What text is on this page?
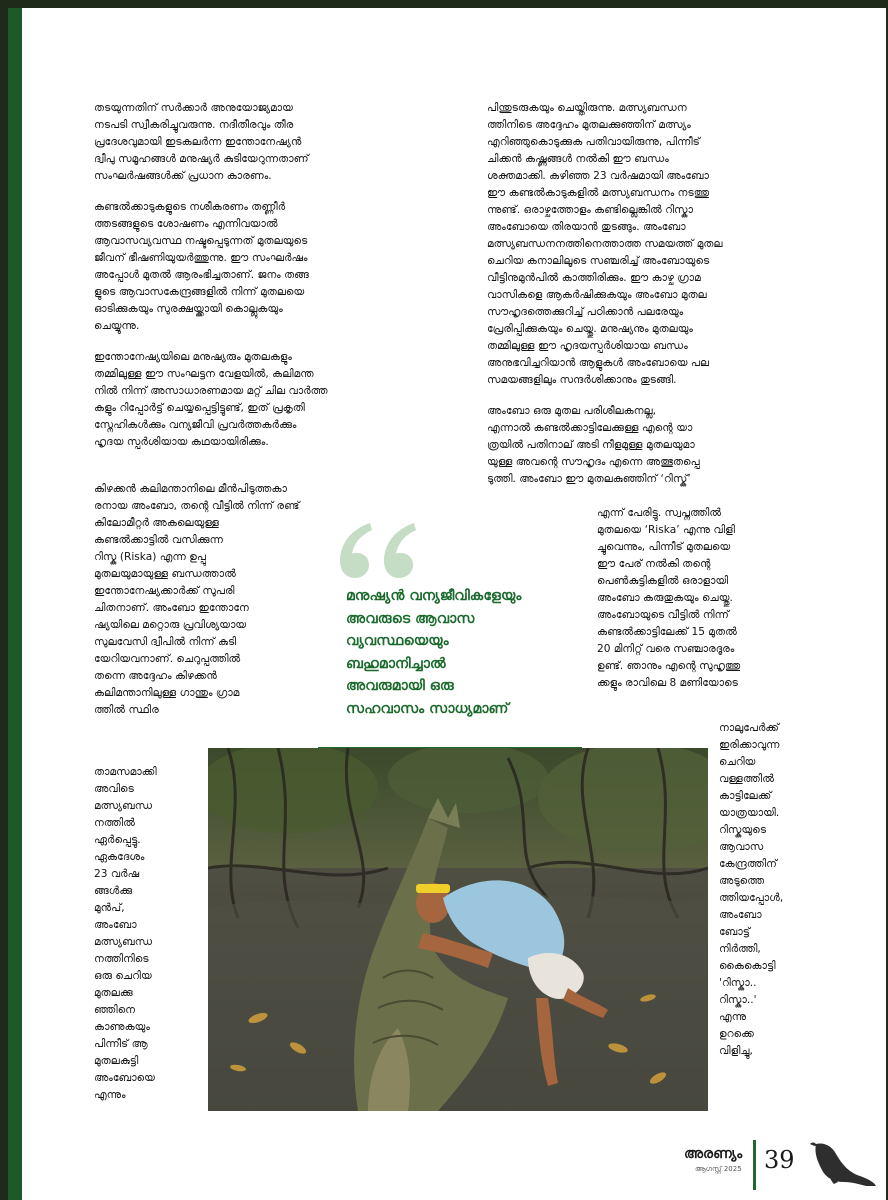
തടയുന്നതിന് സർക്കാർ അനുയോജ്യമായ
നടപടി സ്വീകരിച്ചുവരുന്നു. നദീതീരവും തീര
പ്രദേശവുമായി ഇടകലർന്ന ഇന്തോനേഷ്യൻ
ദ്വീപു സമൂഹങ്ങൾ മനുഷ്യർ കുടിയേറുന്നതാണ്
സംഘർഷങ്ങൾക്ക് പ്രധാന കാരണം.

കണ്ടൽക്കാടുകളുടെ നശീകരണം തണ്ണീർ
ത്തടങ്ങളുടെ ശോഷണം എന്നിവയാൽ
ആവാസവ്യവസ്ഥ നഷ്ടപ്പെടുന്നത് മുതലയുടെ
ജീവന് ഭീഷണിയുയർത്തുന്നു. ഈ സംഘർഷം
അപ്പോൾ മുതൽ ആരംഭിച്ചതാണ്. ജനം തങ്ങ
ളുടെ ആവാസകേന്ദ്രങ്ങളിൽ നിന്ന് മുതലയെ
ഓടിക്കുകയും സുരക്ഷയ്ക്കായി കൊല്ലുകയും
ചെയ്യുന്നു.

ഇന്തോനേഷ്യയിലെ മനുഷ്യരും മുതലകളും
തമ്മിലുള്ള ഈ സംഘട്ടന വേളയിൽ, കലിമന്ത
നിൽ നിന്ന് അസാധാരണമായ മറ്റ് ചില വാർത്ത
കളും റിപ്പോർട്ട് ചെയ്യപ്പെട്ടിട്ടുണ്ട്, ഇത് പ്രകൃതി
സ്നേഹികൾക്കും വന്യജീവി പ്രവർത്തകർക്കും
ഹൃദയ സ്പർശിയായ കഥയായിരിക്കും.

കിഴക്കൻ കലിമന്താനിലെ മീൻപിടുത്തകാ
രനായ അംബോ, തന്റെ വീട്ടിൽ നിന്ന് രണ്ട്
കിലോമീറ്റർ അകലെയുള്ള
കണ്ടൽക്കാട്ടിൽ വസിക്കുന്ന
റിസ്ക (Riska) എന്ന ഉപ്പു
മുതലയുമായുള്ള ബന്ധത്താൽ
ഇന്തോനേഷ്യക്കാർക്ക് സുപരി
ചിതനാണ്. അംബോ ഇന്തോനേ
ഷ്യയിലെ മറ്റൊരു പ്രവിശ്യയായ
സുലവേസി ദ്വീപിൽ നിന്ന് കുടി
യേറിയവനാണ്. ചെറുപ്പത്തിൽ
തന്നെ അദ്ദേഹം കിഴക്കൻ
കലിമന്താനിലുള്ള ഗാന്തും ഗ്രാമ
ത്തിൽ സ്ഥിര

താമസമാക്കി
അവിടെ
മത്സ്യബന്ധ
നത്തിൽ
ഏർപ്പെട്ടു.
ഏകദേശം
23 വർഷ
ങ്ങൾക്കു
മുൻപ്,
അംബോ
മത്സ്യബന്ധ
നത്തിനിടെ
ഒരു ചെറിയ
മുതലക്കു
ഞ്ഞിനെ
കാണുകയും
പിന്നീട് ആ
മുതലകുട്ടി
അംബോയെ
എന്നും

പിന്തുടരുകയും ചെയ്തിരുന്നു. മത്സ്യബന്ധന
ത്തിനിടെ അദ്ദേഹം മുതലക്കുഞ്ഞിന് മത്സ്യം
എറിഞ്ഞുകൊടുക്കുക പതിവായിരുന്നു, പിന്നീട്
ചിക്കൻ കഷ്ണങ്ങൾ നൽകി ഈ ബന്ധം
ശക്തമാക്കി. കഴിഞ്ഞ 23 വർഷമായി അംബോ
ഈ കണ്ടൽകാടുകളിൽ മത്സ്യബന്ധനം നടത്തു
ന്നുണ്ട്. ഒരാഴ്ചത്തോളം കണ്ടില്ലെങ്കിൽ റിസ്കാ
അംബോയെ തിരയാൻ തുടങ്ങും. അംബോ
മത്സ്യബന്ധനനത്തിനെത്താത്ത സമയത്ത് മുതല
ചെറിയ കനാലിലൂടെ സഞ്ചരിച്ച് അംബോയുടെ
വീട്ടിനുമുൻപിൽ കാത്തിരിക്കും. ഈ കാഴ്ച ഗ്രാമ
വാസികളെ ആകർഷിക്കുകയും അംബോ മുതല
സൗഹൃദത്തെക്കുറിച്ച് പഠിക്കാൻ പലരേയും
പ്രേരിപ്പിക്കുകയും ചെയ്തു. മനുഷ്യനും മുതലയും
തമ്മിലുള്ള ഈ ഹൃദയസ്പർശിയായ ബന്ധം
അനുഭവിച്ചറിയാൻ ആളുകൾ അംബോയെ പല
സമയങ്ങളിലും സന്ദർശിക്കാനും തുടങ്ങി.

അംബോ ഒരു മുതല പരിശീലകനല്ല,
എന്നാൽ കണ്ടൽക്കാട്ടിലേക്കുള്ള എന്റെ യാ
ത്രയിൽ പതിനാല് അടി നീളമുള്ള മുതലയുമാ
യുള്ള അവന്റെ സൗഹൃദം എന്നെ അത്ഭുതപ്പെ
ടുത്തി. അംബോ ഈ മുതലകുഞ്ഞിന് ‘റിസ്ക്’

എന്ന് പേരിട്ടു. സ്വപ്നത്തിൽ
മുതലയെ ‘Riska’ എന്നു വിളി
ച്ചുവെന്നും, പിന്നീട് മുതലയെ
ഈ പേര് നൽകി തന്റെ
പെൺകുട്ടികളിൽ ഒരാളായി
അംബോ കരുതുകയും ചെയ്തു.
അംബോയുടെ വീട്ടിൽ നിന്ന്
കണ്ടൽക്കാട്ടിലേക്ക് 15 മുതൽ
20 മിനിറ്റ് വരെ സഞ്ചാരദൂരം
ഉണ്ട്. ഞാനും എന്റെ സുഹൃത്തു
ക്കളും രാവിലെ 8 മണിയോടെ

നാലുപേർക്ക്
ഇരിക്കാവുന്ന
ചെറിയ
വള്ളത്തിൽ
കാട്ടിലേക്ക്
യാത്രയായി.
റിസ്കയുടെ
ആവാസ
കേന്ദ്രത്തിന്
അടുത്തെ
ത്തിയപ്പോൾ,
അംബോ
ബോട്ട്
നിർത്തി,
കൈകൊട്ടി
'റിസ്കാ..
റിസ്കാ..'
എന്നു
ഉറക്കെ
വിളിച്ചു,

മനുഷ്യൻ വന്യജീവികളേയും
അവരുടെ ആവാസ
വ്യവസ്ഥയെയും
ബഹുമാനിച്ചാൽ
അവരുമായി ഒരു
സഹവാസം സാധ്യമാണ്
അരണ്യം
ആഗസ്റ്റ് 2025 39
